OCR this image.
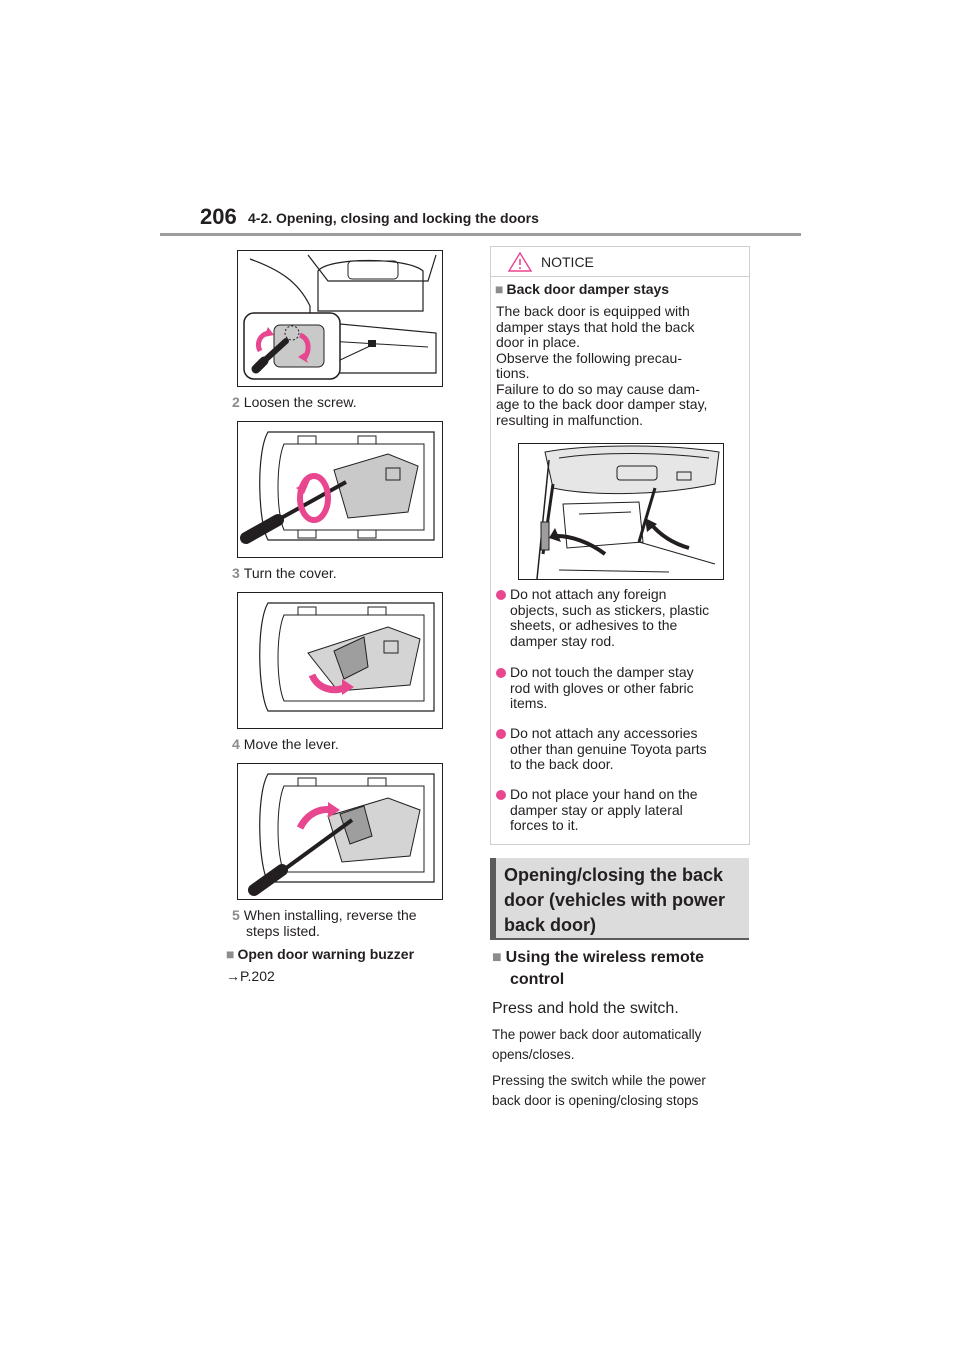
206 4-2. Opening, closing and locking the doors
2 Loosen the screw.
3 Turn the cover.
4 Move the lever.
5 When installing, reverse the
steps listed.
■ Open door warning buzzer
→P.202
NOTICE
■ Back door damper stays
The back door is equipped with
damper stays that hold the back
door in place.
Observe the following precau-
tions.
Failure to do so may cause dam-
age to the back door damper stay,
resulting in malfunction.
Do not attach any foreign
objects, such as stickers, plastic
sheets, or adhesives to the
damper stay rod.
Do not touch the damper stay
rod with gloves or other fabric
items.
Do not attach any accessories
other than genuine Toyota parts
to the back door.
Do not place your hand on the
damper stay or apply lateral
forces to it.
Opening/closing the back
door (vehicles with power
back door)
■ Using the wireless remote
control
Press and hold the switch.
The power back door automatically
opens/closes.
Pressing the switch while the power
back door is opening/closing stops
